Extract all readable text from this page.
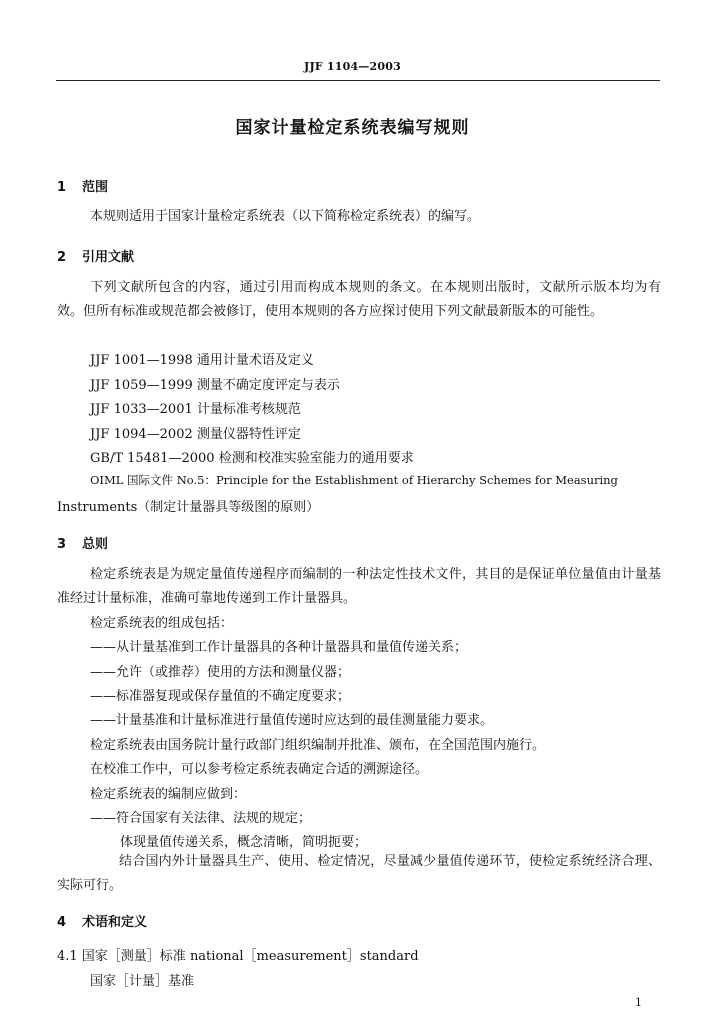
JJF 1104—2003
国家计量检定系统表编写规则
1 范围
本规则适用于国家计量检定系统表（以下简称检定系统表）的编写。
2 引用文献
下列文献所包含的内容，通过引用而构成本规则的条文。在本规则出版时，文献所示版本均为有效。但所有标准或规范都会被修订，使用本规则的各方应探讨使用下列文献最新版本的可能性。
JJF 1001—1998 通用计量术语及定义
JJF 1059—1999 测量不确定度评定与表示
JJF 1033—2001 计量标准考核规范
JJF 1094—2002 测量仪器特性评定
GB/T 15481—2000 检测和校准实验室能力的通用要求
OIML 国际文件 No.5：Principle for the Establishment of Hierarchy Schemes for Measuring
Instruments（制定计量器具等级图的原则）
3 总则
检定系统表是为规定量值传递程序而编制的一种法定性技术文件，其目的是保证单位量值由计量基准经过计量标准，准确可靠地传递到工作计量器具。
检定系统表的组成包括：
——从计量基准到工作计量器具的各种计量器具和量值传递关系；
——允许（或推荐）使用的方法和测量仪器；
——标准器复现或保存量值的不确定度要求；
——计量基准和计量标准进行量值传递时应达到的最佳测量能力要求。
检定系统表由国务院计量行政部门组织编制并批准、颁布，在全国范围内施行。
在校准工作中，可以参考检定系统表确定合适的溯源途径。
检定系统表的编制应做到：
——符合国家有关法律、法规的规定；
体现量值传递关系，概念清晰，简明扼要；
结合国内外计量器具生产、使用、检定情况，尽量减少量值传递环节，使检定系统经济合理、实际可行。
4 术语和定义
4.1 国家［测量］标准 national［measurement］standard
国家［计量］基准
1
